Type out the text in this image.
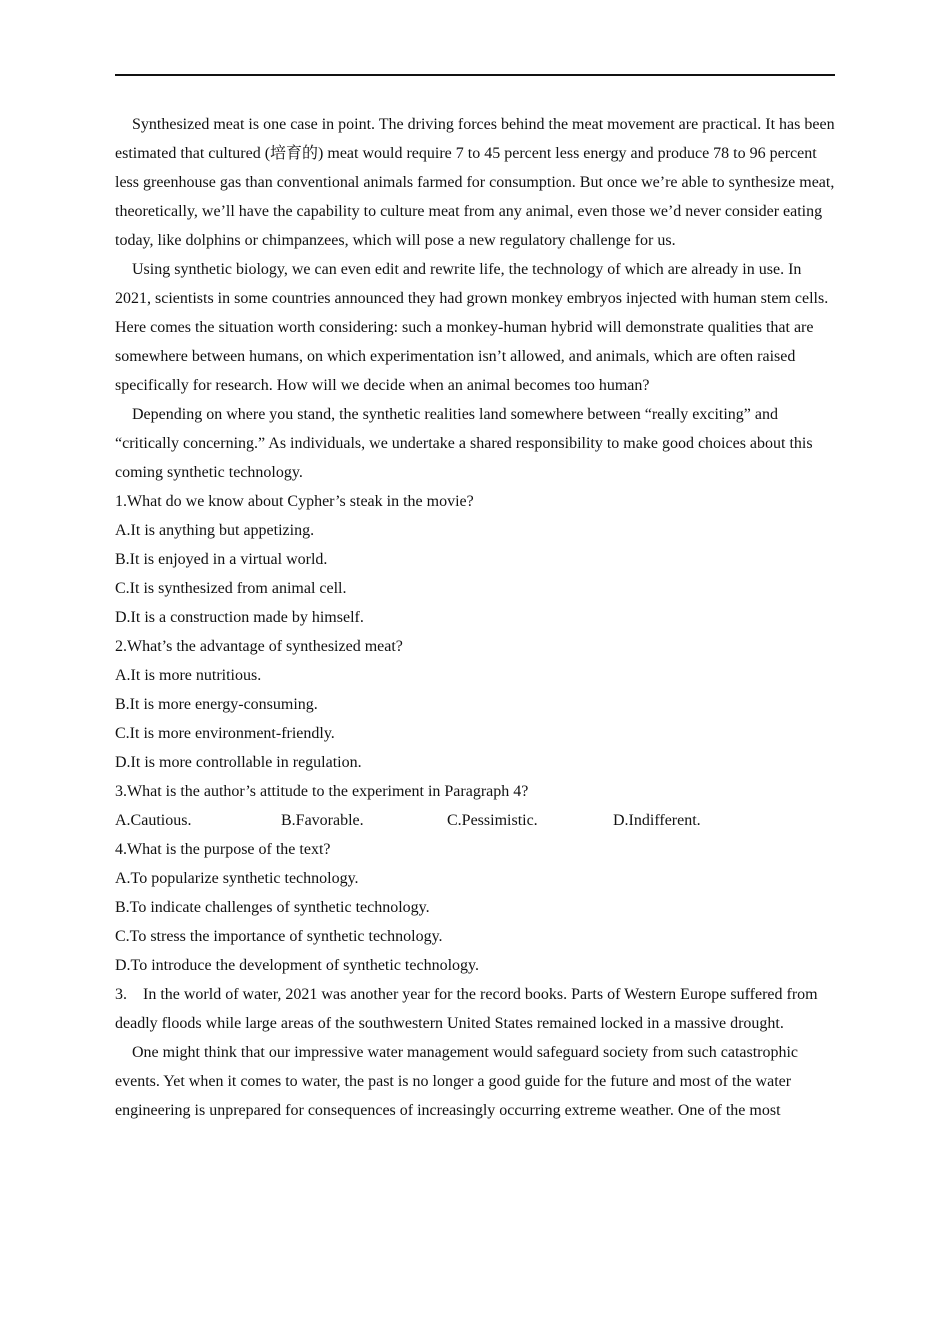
Synthesized meat is one case in point. The driving forces behind the meat movement are practical. It has been estimated that cultured (培育的) meat would require 7 to 45 percent less energy and produce 78 to 96 percent less greenhouse gas than conventional animals farmed for consumption. But once we’re able to synthesize meat, theoretically, we’ll have the capability to culture meat from any animal, even those we’d never consider eating today, like dolphins or chimpanzees, which will pose a new regulatory challenge for us.

Using synthetic biology, we can even edit and rewrite life, the technology of which are already in use. In 2021, scientists in some countries announced they had grown monkey embryos injected with human stem cells. Here comes the situation worth considering: such a monkey-human hybrid will demonstrate qualities that are somewhere between humans, on which experimentation isn’t allowed, and animals, which are often raised specifically for research. How will we decide when an animal becomes too human?

Depending on where you stand, the synthetic realities land somewhere between “really exciting” and “critically concerning.” As individuals, we undertake a shared responsibility to make good choices about this coming synthetic technology.

1.What do we know about Cypher’s steak in the movie?

A.It is anything but appetizing.

B.It is enjoyed in a virtual world.

C.It is synthesized from animal cell.

D.It is a construction made by himself.

2.What’s the advantage of synthesized meat?

A.It is more nutritious.

B.It is more energy-consuming.

C.It is more environment-friendly.

D.It is more controllable in regulation.

3.What is the author’s attitude to the experiment in Paragraph 4?

A.Cautious.	B.Favorable.	C.Pessimistic.	D.Indifferent.

4.What is the purpose of the text?

A.To popularize synthetic technology.

B.To indicate challenges of synthetic technology.

C.To stress the importance of synthetic technology.

D.To introduce the development of synthetic technology.

3. In the world of water, 2021 was another year for the record books. Parts of Western Europe suffered from deadly floods while large areas of the southwestern United States remained locked in a massive drought.

One might think that our impressive water management would safeguard society from such catastrophic events. Yet when it comes to water, the past is no longer a good guide for the future and most of the water engineering is unprepared for consequences of increasingly occurring extreme weather. One of the most
